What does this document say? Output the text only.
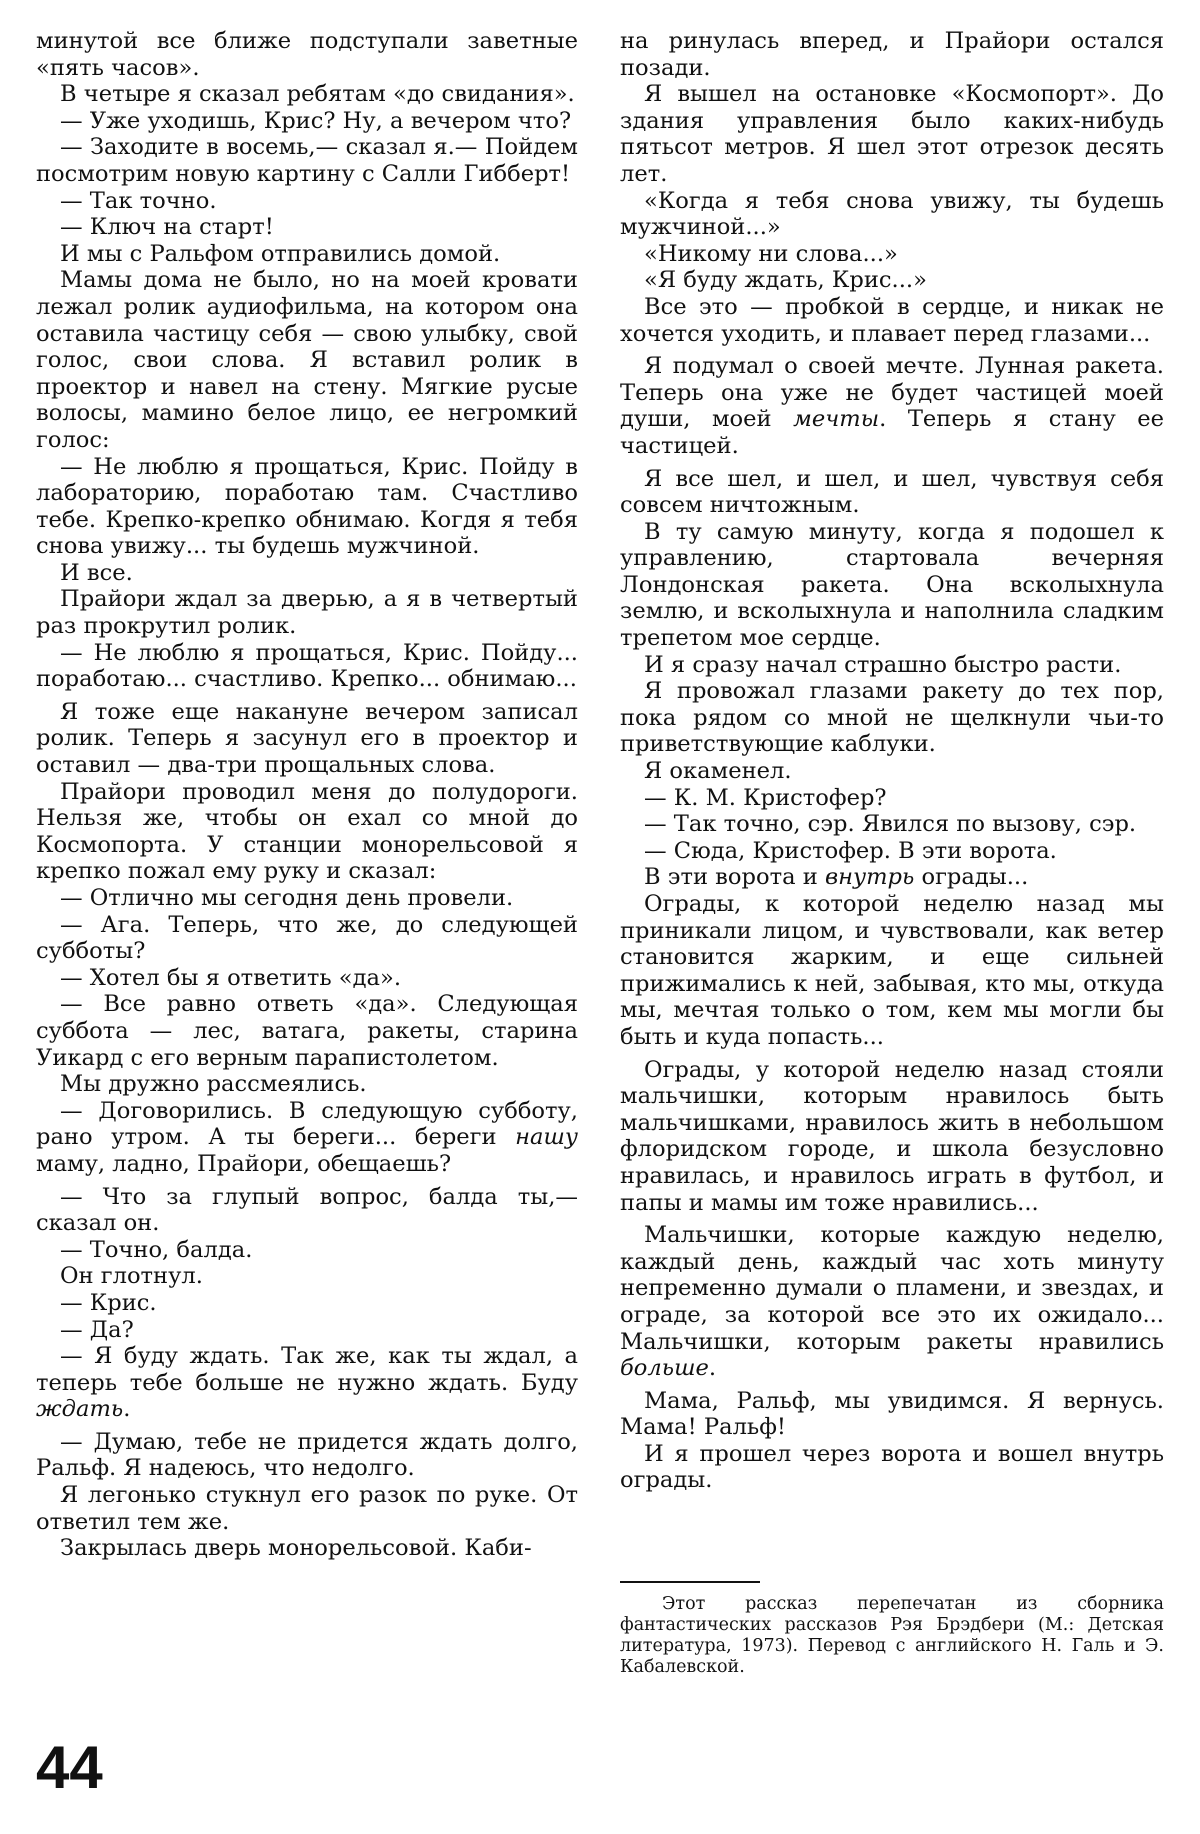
минутой все ближе подступали заветные «пять часов».

В четыре я сказал ребятам «до свидания».

— Уже уходишь, Крис? Ну, а вечером что?

— Заходите в восемь,— сказал я.— Пойдем посмотрим новую картину с Салли Гибберт!

— Так точно.

— Ключ на старт!

И мы с Ральфом отправились домой.

Мамы дома не было, но на моей кровати лежал ролик аудиофильма, на котором она оставила частицу себя — свою улыбку, свой голос, свои слова. Я вставил ролик в проектор и навел на стену. Мягкие русые волосы, мамино белое лицо, ее негромкий голос:

— Не люблю я прощаться, Крис. Пойду в лабораторию, поработаю там. Счастливо тебе. Крепко-крепко обнимаю. Когдя я тебя снова увижу... ты будешь мужчиной.

И все.

Прайори ждал за дверью, а я в четвертый раз прокрутил ролик.

— Не люблю я прощаться, Крис. Пойду... поработаю... счастливо. Крепко... обнимаю...

Я тоже еще накануне вечером записал ролик. Теперь я засунул его в проектор и оставил — два-три прощальных слова.

Прайори проводил меня до полудороги. Нельзя же, чтобы он ехал со мной до Космопорта. У станции монорельсовой я крепко пожал ему руку и сказал:

— Отлично мы сегодня день провели.

— Ага. Теперь, что же, до следующей субботы?

— Хотел бы я ответить «да».

— Все равно ответь «да». Следующая суббота — лес, ватага, ракеты, старина Уикард с его верным парапистолетом.

Мы дружно рассмеялись.

— Договорились. В следующую субботу, рано утром. А ты береги... береги нашу маму, ладно, Прайори, обещаешь?

— Что за глупый вопрос, балда ты,— сказал он.

— Точно, балда.

Он глотнул.

— Крис.

— Да?

— Я буду ждать. Так же, как ты ждал, а теперь тебе больше не нужно ждать. Буду ждать.

— Думаю, тебе не придется ждать долго, Ральф. Я надеюсь, что недолго.

Я легонько стукнул его разок по руке. От ответил тем же.

Закрылась дверь монорельсовой. Каби-

на ринулась вперед, и Прайори остался позади.

Я вышел на остановке «Космопорт». До здания управления было каких-нибудь пятьсот метров. Я шел этот отрезок десять лет.

«Когда я тебя снова увижу, ты будешь мужчиной...»

«Никому ни слова...»

«Я буду ждать, Крис...»

Все это — пробкой в сердце, и никак не хочется уходить, и плавает перед глазами...

Я подумал о своей мечте. Лунная ракета. Теперь она уже не будет частицей моей души, моей мечты. Теперь я стану ее частицей.

Я все шел, и шел, и шел, чувствуя себя совсем ничтожным.

В ту самую минуту, когда я подошел к управлению, стартовала вечерняя Лондонская ракета. Она всколыхнула землю, и всколыхнула и наполнила сладким трепетом мое сердце.

И я сразу начал страшно быстро расти.

Я провожал глазами ракету до тех пор, пока рядом со мной не щелкнули чьи-то приветствующие каблуки.

Я окаменел.

— К. М. Кристофер?

— Так точно, сэр. Явился по вызову, сэр.

— Сюда, Кристофер. В эти ворота.

В эти ворота и внутрь ограды...

Ограды, к которой неделю назад мы приникали лицом, и чувствовали, как ветер становится жарким, и еще сильней прижимались к ней, забывая, кто мы, откуда мы, мечтая только о том, кем мы могли бы быть и куда попасть...

Ограды, у которой неделю назад стояли мальчишки, которым нравилось быть мальчишками, нравилось жить в небольшом флоридском городе, и школа безусловно нравилась, и нравилось играть в футбол, и папы и мамы им тоже нравились...

Мальчишки, которые каждую неделю, каждый день, каждый час хоть минуту непременно думали о пламени, и звездах, и ограде, за которой все это их ожидало... Мальчишки, которым ракеты нравились больше.

Мама, Ральф, мы увидимся. Я вернусь. Мама! Ральф!

И я прошел через ворота и вошел внутрь ограды.

Этот рассказ перепечатан из сборника фантастических рассказов Рэя Брэдбери (М.: Детская литература, 1973). Перевод с английского Н. Галь и Э. Кабалевской.

44
